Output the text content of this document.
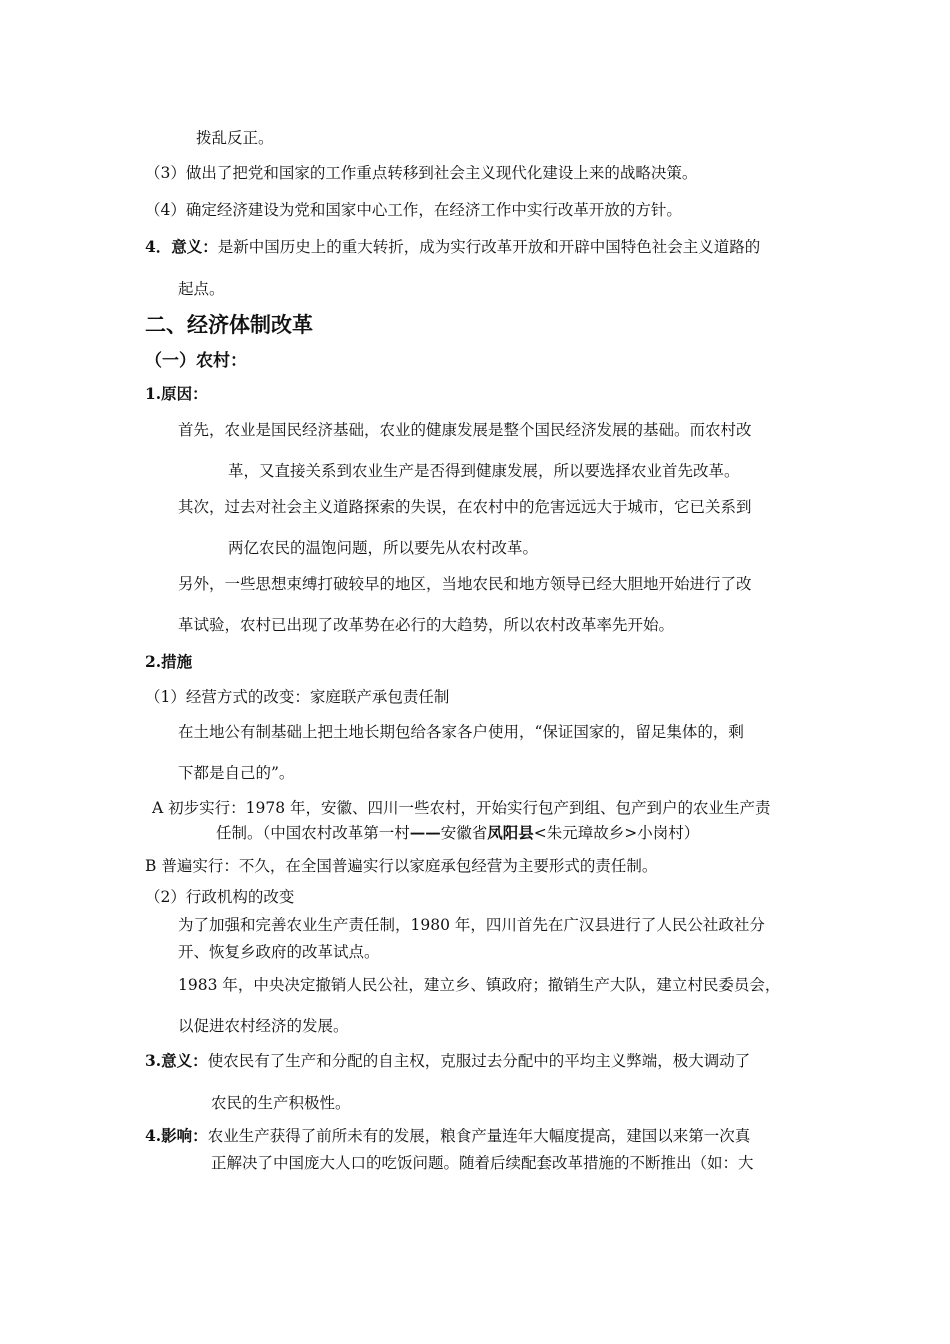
拨乱反正。
（3）做出了把党和国家的工作重点转移到社会主义现代化建设上来的战略决策。
（4）确定经济建设为党和国家中心工作，在经济工作中实行改革开放的方针。
4．意义：是新中国历史上的重大转折，成为实行改革开放和开辟中国特色社会主义道路的
起点。
二、经济体制改革
（一）农村：
1.原因：
首先，农业是国民经济基础，农业的健康发展是整个国民经济发展的基础。而农村改
革，又直接关系到农业生产是否得到健康发展，所以要选择农业首先改革。
其次，过去对社会主义道路探索的失误，在农村中的危害远远大于城市，它已关系到
两亿农民的温饱问题，所以要先从农村改革。
另外，一些思想束缚打破较早的地区，当地农民和地方领导已经大胆地开始进行了改
革试验，农村已出现了改革势在必行的大趋势，所以农村改革率先开始。
2.措施
（1）经营方式的改变：家庭联产承包责任制
在土地公有制基础上把土地长期包给各家各户使用，“保证国家的，留足集体的，剩
下都是自己的”。
A 初步实行：1978 年，安徽、四川一些农村，开始实行包产到组、包产到户的农业生产责
任制。（中国农村改革第一村——安徽省凤阳县<朱元璋故乡>小岗村）
B 普遍实行：不久，在全国普遍实行以家庭承包经营为主要形式的责任制。
（2）行政机构的改变
为了加强和完善农业生产责任制，1980 年，四川首先在广汉县进行了人民公社政社分
开、恢复乡政府的改革试点。
1983 年，中央决定撤销人民公社，建立乡、镇政府；撤销生产大队，建立村民委员会，
以促进农村经济的发展。
3.意义：使农民有了生产和分配的自主权，克服过去分配中的平均主义弊端，极大调动了
农民的生产积极性。
4.影响：农业生产获得了前所未有的发展，粮食产量连年大幅度提高，建国以来第一次真
正解决了中国庞大人口的吃饭问题。随着后续配套改革措施的不断推出（如：大
